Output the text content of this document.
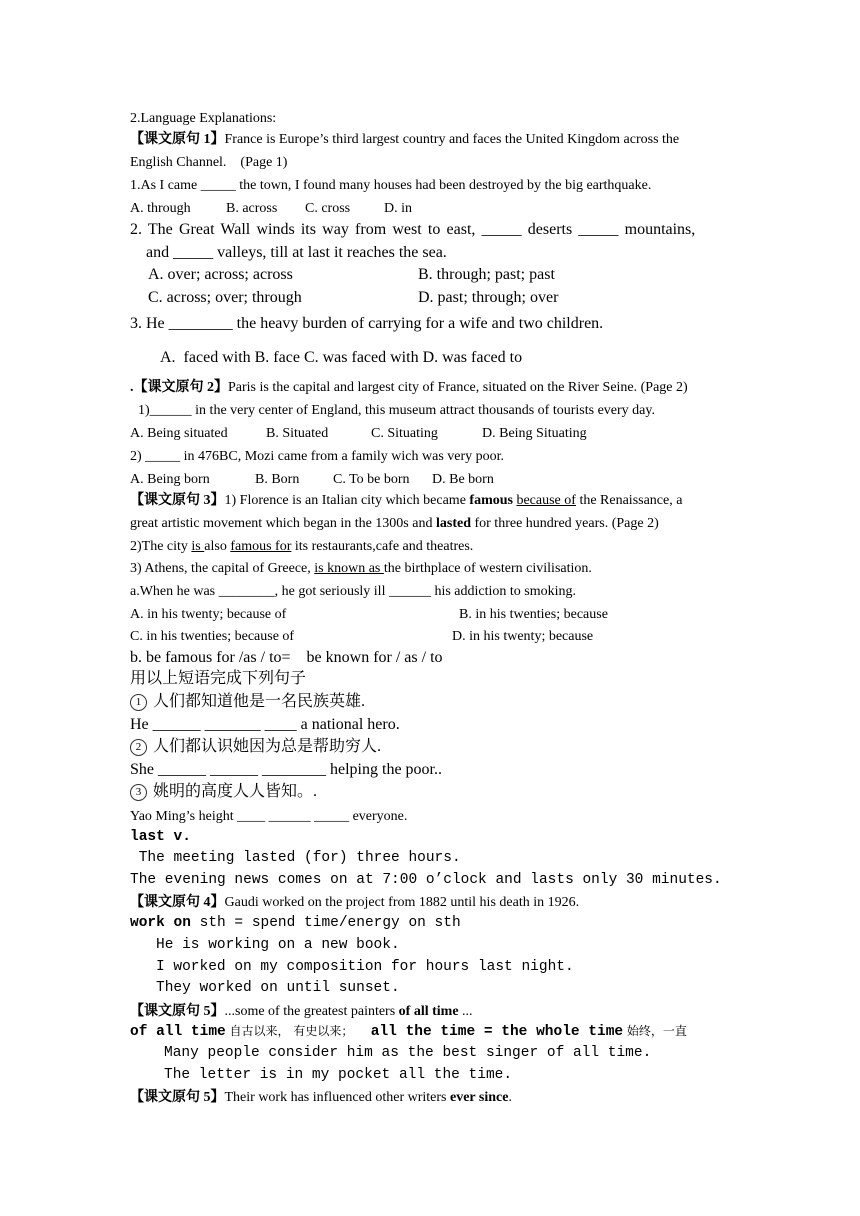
2.Language Explanations:
【课文原句 1】France is Europe’s third largest country and faces the United Kingdom across the
English Channel.    (Page 1)
1.As I came _____ the town, I found many houses had been destroyed by the big earthquake.
A. through	B. across C. cross D. in
2. The Great Wall winds its way from west to east, _____ deserts _____ mountains,
and _____ valleys, till at last it reaches the sea.
A. over; across; across	B. through; past; past
C. across; over; through	D. past; through; over
3. He ________ the heavy burden of carrying for a wife and two children.
A.  faced with B. face C. was faced with D. was faced to
.【课文原句 2】Paris is the capital and largest city of France, situated on the River Seine. (Page 2)
1)______ in the very center of England, this museum attract thousands of tourists every day.
A. Being situated	B. Situated	C. Situating	D. Being Situating
2) _____ in 476BC, Mozi came from a family wich was very poor.
A. Being born	B. Born C. To be born D. Be born
【课文原句 3】1) Florence is an Italian city which became famous because of the Renaissance, a
great artistic movement which began in the 1300s and lasted for three hundred years. (Page 2)
2)The city is also famous for its restaurants,cafe and theatres.
3) Athens, the capital of Greece, is known as the birthplace of western civilisation.
a.When he was ________, he got seriously ill ______ his addiction to smoking.
A. in his twenty; because of	B. in his twenties; because
C. in his twenties; because of	D. in his twenty; because
b. be famous for /as / to=    be known for / as / to
用以上短语完成下列句子
1 人们都知道他是一名民族英雄.
He ______ _______ ____ a national hero.
2 人们都认识她因为总是帮助穷人.
She ______ ______ ________ helping the poor..
3 姚明的高度人人皆知。.
Yao Ming’s height ____ ______ _____ everyone.
last v.
The meeting lasted (for) three hours.
The evening news comes on at 7:00 o’clock and lasts only 30 minutes.
【课文原句 4】Gaudi worked on the project from 1882 until his death in 1926.
work on sth = spend time/energy on sth
He is working on a new book.
I worked on my composition for hours last night.
They worked on until sunset.
【课文原句 5】...some of the greatest painters of all time ...
of all time 自古以来， 有史以来；  all the time = the whole time 始终，一直
Many people consider him as the best singer of all time.
The letter is in my pocket all the time.
【课文原句 5】Their work has influenced other writers ever since.
